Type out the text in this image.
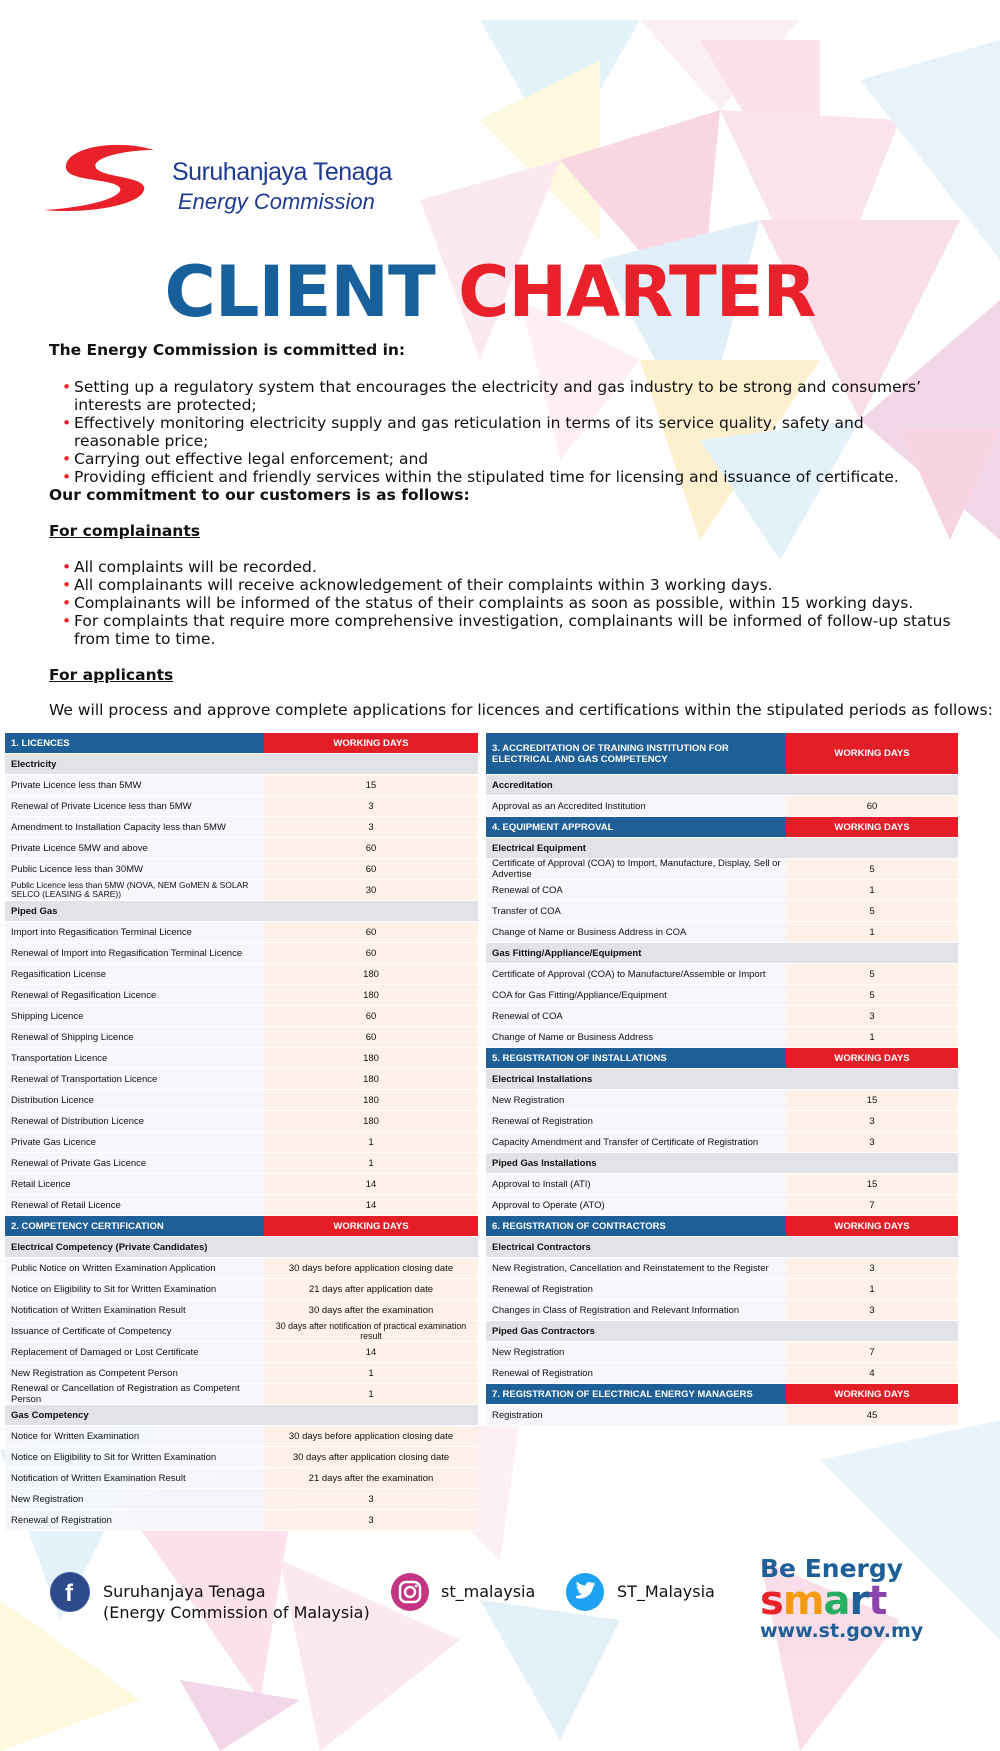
Suruhanjaya Tenaga
Energy Commission
CLIENT CHARTER
The Energy Commission is committed in:
• Setting up a regulatory system that encourages the electricity and gas industry to be strong and consumers’ interests are protected;
• Effectively monitoring electricity supply and gas reticulation in terms of its service quality, safety and reasonable price;
• Carrying out effective legal enforcement; and
• Providing efficient and friendly services within the stipulated time for licensing and issuance of certificate.
Our commitment to our customers is as follows:
For complainants
• All complaints will be recorded.
• All complainants will receive acknowledgement of their complaints within 3 working days.
• Complainants will be informed of the status of their complaints as soon as possible, within 15 working days.
• For complaints that require more comprehensive investigation, complainants will be informed of follow-up status from time to time.
For applicants
We will process and approve complete applications for licences and certifications within the stipulated periods as follows:
1. LICENCES	WORKING DAYS
Electricity
Private Licence less than 5MW	15
Renewal of Private Licence less than 5MW	3
Amendment to Installation Capacity less than 5MW	3
Private Licence 5MW and above	60
Public Licence less than 30MW	60
Public Licence less than 5MW (NOVA, NEM GoMEN & SOLAR SELCO (LEASING & SARE))	30
Piped Gas
Import into Regasification Terminal Licence	60
Renewal of Import into Regasification Terminal Licence	60
Regasification License	180
Renewal of Regasification Licence	180
Shipping Licence	60
Renewal of Shipping Licence	60
Transportation Licence	180
Renewal of Transportation Licence	180
Distribution Licence	180
Renewal of Distribution Licence	180
Private Gas Licence	1
Renewal of Private Gas Licence	1
Retail Licence	14
Renewal of Retail Licence	14
2. COMPETENCY CERTIFICATION	WORKING DAYS
Electrical Competency (Private Candidates)
Public Notice on Written Examination Application	30 days before application closing date
Notice on Eligibility to Sit for Written Examination	21 days after application date
Notification of Written Examination Result	30 days after the examination
Issuance of Certificate of Competency	30 days after notification of practical examination result
Replacement of Damaged or Lost Certificate	14
New Registration as Competent Person	1
Renewal or Cancellation of Registration as Competent Person	1
Gas Competency
Notice for Written Examination	30 days before application closing date
Notice on Eligibility to Sit for Written Examination	30 days after application closing date
Notification of Written Examination Result	21 days after the examination
New Registration	3
Renewal of Registration	3
3. ACCREDITATION OF TRAINING INSTITUTION FOR ELECTRICAL AND GAS COMPETENCY	WORKING DAYS
Accreditation
Approval as an Accredited Institution	60
4. EQUIPMENT APPROVAL	WORKING DAYS
Electrical Equipment
Certificate of Approval (COA) to Import, Manufacture, Display, Sell or Advertise	5
Renewal of COA	1
Transfer of COA	5
Change of Name or Business Address in COA	1
Gas Fitting/Appliance/Equipment
Certificate of Approval (COA) to Manufacture/Assemble or Import	5
COA for Gas Fitting/Appliance/Equipment	5
Renewal of COA	3
Change of Name or Business Address	1
5. REGISTRATION OF INSTALLATIONS	WORKING DAYS
Electrical Installations
New Registration	15
Renewal of Registration	3
Capacity Amendment and Transfer of Certificate of Registration	3
Piped Gas Installations
Approval to Install (ATI)	15
Approval to Operate (ATO)	7
6. REGISTRATION OF CONTRACTORS	WORKING DAYS
Electrical Contractors
New Registration, Cancellation and Reinstatement to the Register	3
Renewal of Registration	1
Changes in Class of Registration and Relevant Information	3
Piped Gas Contractors
New Registration	7
Renewal of Registration	4
7. REGISTRATION OF ELECTRICAL ENERGY MANAGERS	WORKING DAYS
Registration	45
f Suruhanjaya Tenaga
(Energy Commission of Malaysia)
st_malaysia	ST_Malaysia
Be Energy
smart
www.st.gov.my
